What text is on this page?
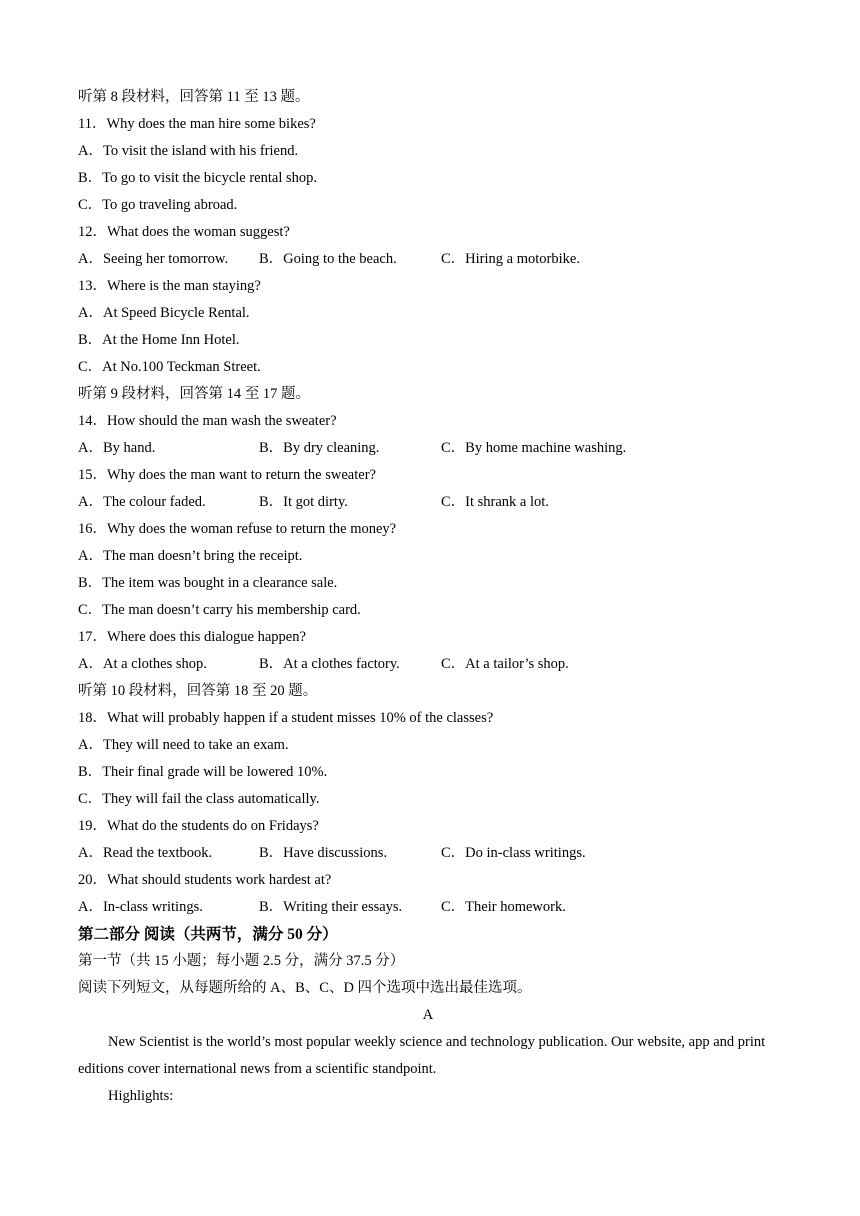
听第 8 段材料，回答第 11 至 13 题。
11．Why does the man hire some bikes?
A．To visit the island with his friend.
B．To go to visit the bicycle rental shop.
C．To go traveling abroad.
12．What does the woman suggest?
A．Seeing her tomorrow.	B．Going to the beach.	C．Hiring a motorbike.
13．Where is the man staying?
A．At Speed Bicycle Rental.
B．At the Home Inn Hotel.
C．At No.100 Teckman Street.
听第 9 段材料，回答第 14 至 17 题。
14．How should the man wash the sweater?
A．By hand.	B．By dry cleaning.	C．By home machine washing.
15．Why does the man want to return the sweater?
A．The colour faded.	B．It got dirty.	C．It shrank a lot.
16．Why does the woman refuse to return the money?
A．The man doesn’t bring the receipt.
B．The item was bought in a clearance sale.
C．The man doesn’t carry his membership card.
17．Where does this dialogue happen?
A．At a clothes shop.	B．At a clothes factory.	C．At a tailor’s shop.
听第 10 段材料，回答第 18 至 20 题。
18．What will probably happen if a student misses 10% of the classes?
A．They will need to take an exam.
B．Their final grade will be lowered 10%.
C．They will fail the class automatically.
19．What do the students do on Fridays?
A．Read the textbook.	B．Have discussions.	C．Do in-class writings.
20．What should students work hardest at?
A．In-class writings.	B．Writing their essays.	C．Their homework.
第二部分 阅读（共两节，满分 50 分）
第一节（共 15 小题；每小题 2.5 分，满分 37.5 分）
阅读下列短文，从每题所给的 A、B、C、D 四个选项中选出最佳选项。
A
New Scientist is the world’s most popular weekly science and technology publication. Our website, app and print editions cover international news from a scientific standpoint.
Highlights:
